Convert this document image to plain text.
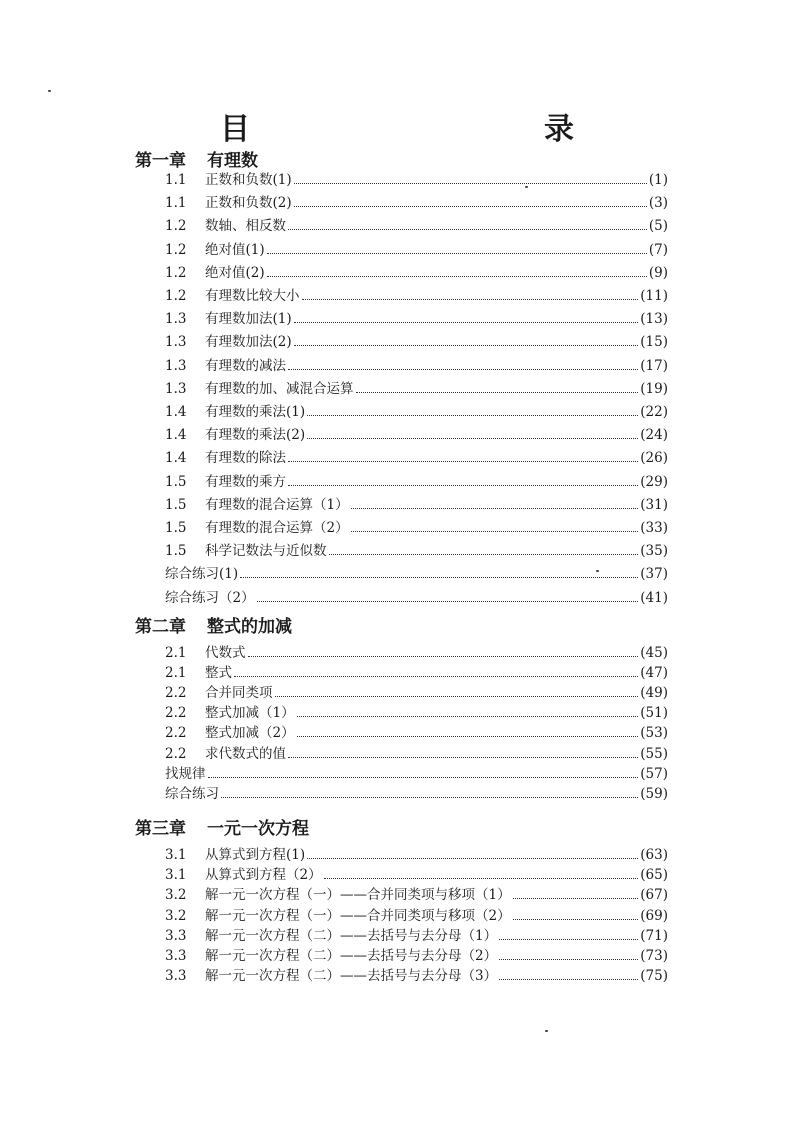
目　　录
第一章 有理数
1.1	正数和负数(1)	(1)
1.1	正数和负数(2)	(3)
1.2	数轴、相反数	(5)
1.2	绝对值(1)	(7)
1.2	绝对值(2)	(9)
1.2	有理数比较大小	(11)
1.3	有理数加法(1)	(13)
1.3	有理数加法(2)	(15)
1.3	有理数的减法	(17)
1.3	有理数的加、减混合运算	(19)
1.4	有理数的乘法(1)	(22)
1.4	有理数的乘法(2)	(24)
1.4	有理数的除法	(26)
1.5	有理数的乘方	(29)
1.5	有理数的混合运算（1）	(31)
1.5	有理数的混合运算（2）	(33)
1.5	科学记数法与近似数	(35)
综合练习(1)	(37)
综合练习（2）	(41)
第二章 整式的加减
2.1	代数式	(45)
2.1	整式	(47)
2.2	合并同类项	(49)
2.2	整式加减（1）	(51)
2.2	整式加减（2）	(53)
2.2	求代数式的值	(55)
找规律	(57)
综合练习	(59)
第三章 一元一次方程
3.1	从算式到方程(1)	(63)
3.1	从算式到方程（2）	(65)
3.2	解一元一次方程（一）——合并同类项与移项（1）	(67)
3.2	解一元一次方程（一）——合并同类项与移项（2）	(69)
3.3	解一元一次方程（二）——去括号与去分母（1）	(71)
3.3	解一元一次方程（二）——去括号与去分母（2）	(73)
3.3	解一元一次方程（二）——去括号与去分母（3）	(75)
